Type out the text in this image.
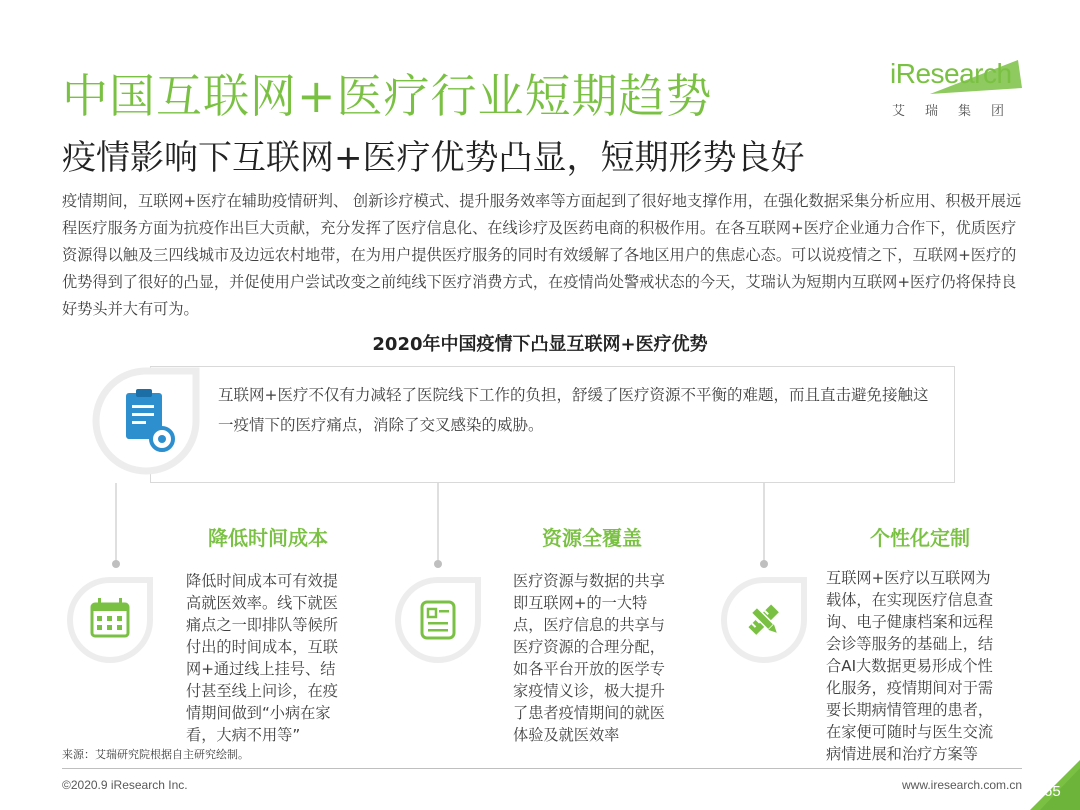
中国互联网+医疗行业短期趋势
疫情影响下互联网+医疗优势凸显，短期形势良好
iResearch
艾瑞集团
疫情期间，互联网+医疗在辅助疫情研判、 创新诊疗模式、提升服务效率等方面起到了很好地支撑作用，在强化数据采集分析应用、积极开展远程医疗服务方面为抗疫作出巨大贡献，充分发挥了医疗信息化、在线诊疗及医药电商的积极作用。在各互联网+医疗企业通力合作下，优质医疗资源得以触及三四线城市及边远农村地带，在为用户提供医疗服务的同时有效缓解了各地区用户的焦虑心态。可以说疫情之下，互联网+医疗的优势得到了很好的凸显，并促使用户尝试改变之前纯线下医疗消费方式，在疫情尚处警戒状态的今天，艾瑞认为短期内互联网+医疗仍将保持良好势头并大有可为。
2020年中国疫情下凸显互联网+医疗优势
互联网+医疗不仅有力减轻了医院线下工作的负担，舒缓了医疗资源不平衡的难题，而且直击避免接触这一疫情下的医疗痛点，消除了交叉感染的威胁。
降低时间成本
降低时间成本可有效提
高就医效率。线下就医
痛点之一即排队等候所
付出的时间成本，互联
网+通过线上挂号、结
付甚至线上问诊，在疫
情期间做到“小病在家
看，大病不用等”
资源全覆盖
医疗资源与数据的共享
即互联网+的一大特
点，医疗信息的共享与
医疗资源的合理分配，
如各平台开放的医学专
家疫情义诊，极大提升
了患者疫情期间的就医
体验及就医效率
个性化定制
互联网+医疗以互联网为
载体，在实现医疗信息查
询、电子健康档案和远程
会诊等服务的基础上，结
合AI大数据更易形成个性
化服务，疫情期间对于需
要长期病情管理的患者，
在家便可随时与医生交流
病情进展和治疗方案等
来源：艾瑞研究院根据自主研究绘制。
©2020.9 iResearch Inc.	www.iresearch.com.cn 65
